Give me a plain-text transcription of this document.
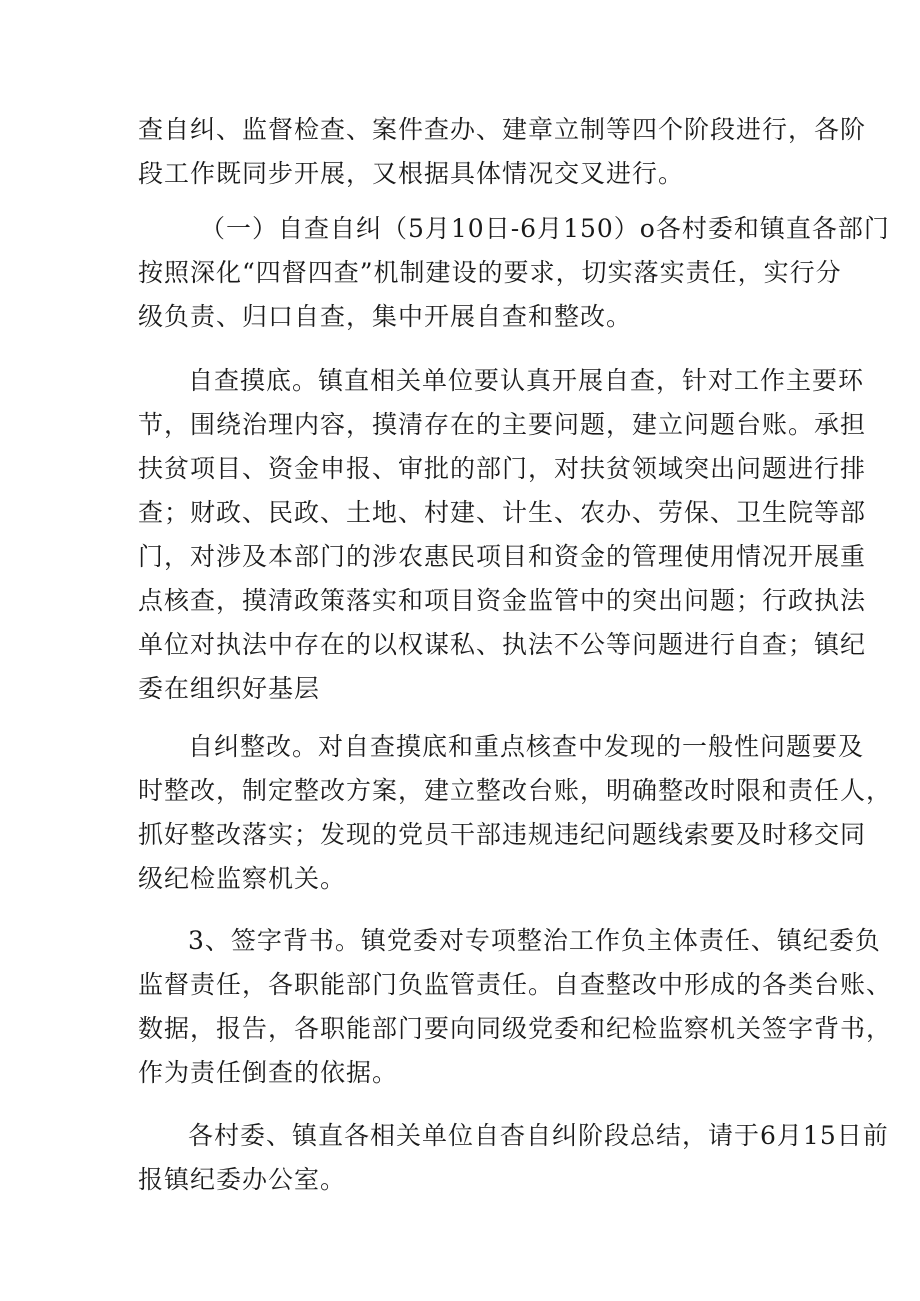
查自纠、监督检查、案件查办、建章立制等四个阶段进行，各阶
段工作既同步开展，又根据具体情况交叉进行。
（一）自查自纠（5月10日-6月150）o各村委和镇直各部门
按照深化“四督四查”机制建设的要求，切实落实责任，实行分
级负责、归口自查，集中开展自查和整改。
自查摸底。镇直相关单位要认真开展自查，针对工作主要环
节，围绕治理内容，摸清存在的主要问题，建立问题台账。承担
扶贫项目、资金申报、审批的部门，对扶贫领域突出问题进行排
查；财政、民政、土地、村建、计生、农办、劳保、卫生院等部
门，对涉及本部门的涉农惠民项目和资金的管理使用情况开展重
点核查，摸清政策落实和项目资金监管中的突出问题；行政执法
单位对执法中存在的以权谋私、执法不公等问题进行自查；镇纪
委在组织好基层
自纠整改。对自查摸底和重点核查中发现的一般性问题要及
时整改，制定整改方案，建立整改台账，明确整改时限和责任人，
抓好整改落实；发现的党员干部违规违纪问题线索要及时移交同
级纪检监察机关。
3、签字背书。镇党委对专项整治工作负主体责任、镇纪委负
监督责任，各职能部门负监管责任。自查整改中形成的各类台账、
数据，报告，各职能部门要向同级党委和纪检监察机关签字背书，
作为责任倒查的依据。
各村委、镇直各相关单位自杳自纠阶段总结，请于6月15日前
报镇纪委办公室。
